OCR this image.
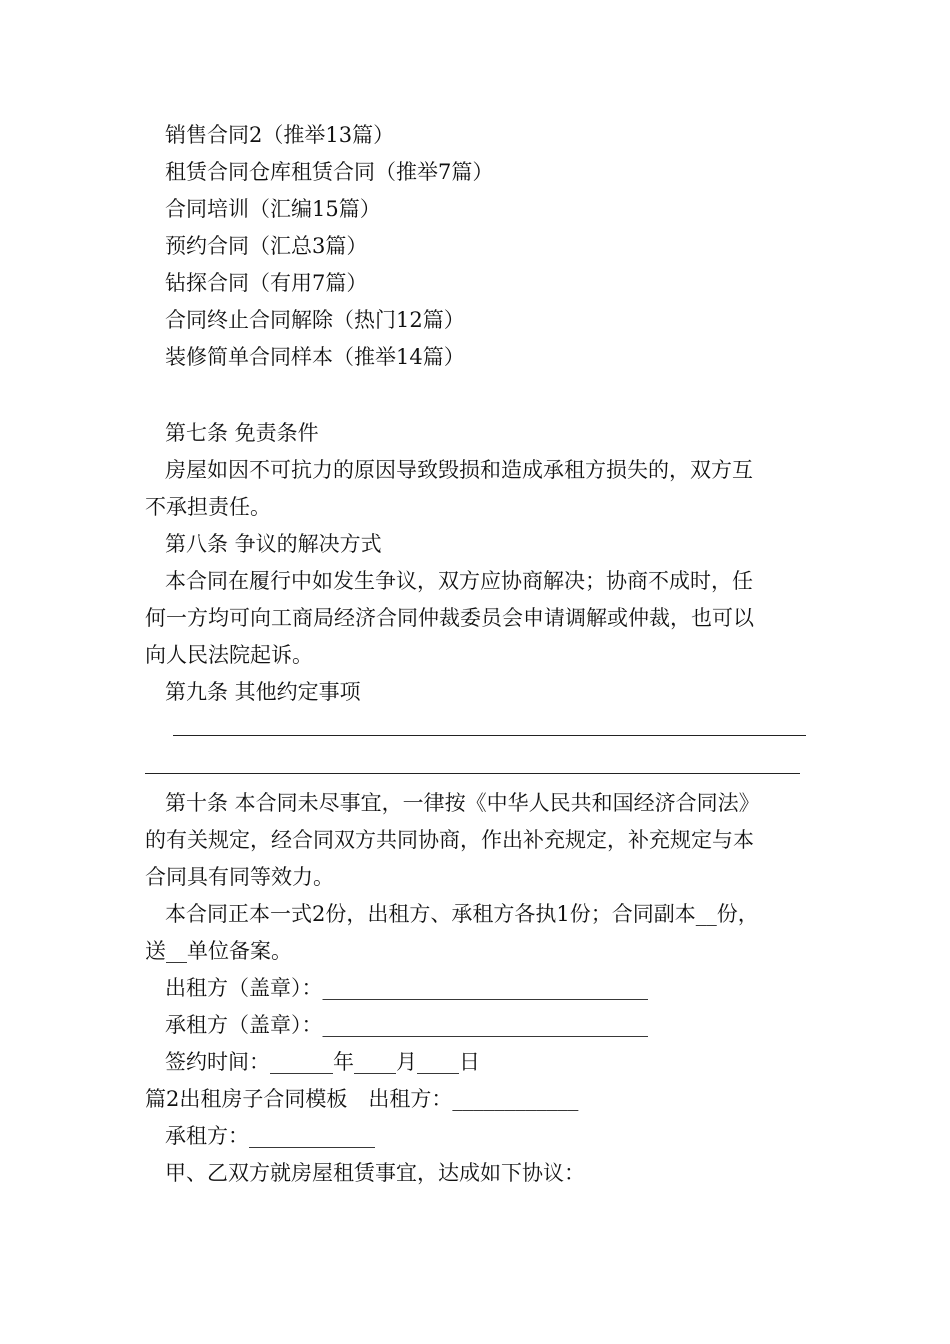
销售合同2（推举13篇）

租赁合同仓库租赁合同（推举7篇）

合同培训（汇编15篇）

预约合同（汇总3篇）

钻探合同（有用7篇）

合同终止合同解除（热门12篇）

装修简单合同样本（推举14篇）

第七条 免责条件

房屋如因不可抗力的原因导致毁损和造成承租方损失的，双方互

不承担责任。

第八条 争议的解决方式

本合同在履行中如发生争议，双方应协商解决；协商不成时，任

何一方均可向工商局经济合同仲裁委员会申请调解或仲裁，也可以

向人民法院起诉。

第九条 其他约定事项

第十条 本合同未尽事宜，一律按《中华人民共和国经济合同法》

的有关规定，经合同双方共同协商，作出补充规定，补充规定与本

合同具有同等效力。

本合同正本一式2份，出租方、承租方各执1份；合同副本__份，

送__单位备案。

出租方（盖章）：_______________________________

承租方（盖章）：_______________________________

签约时间：______年____月____日

篇2出租房子合同模板　出租方：____________

承租方：____________

甲、乙双方就房屋租赁事宜，达成如下协议：
